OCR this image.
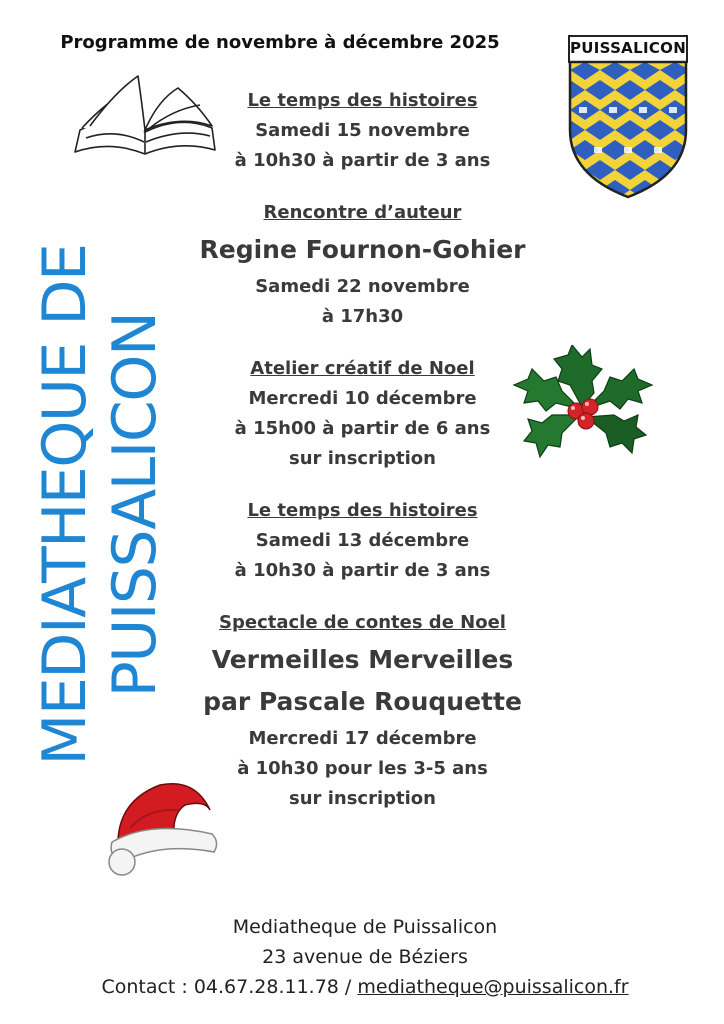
Programme de novembre à décembre 2025	PUISSALICON
MEDIATHEQUE DE PUISSALICON
Le temps des histoires
Samedi 15 novembre
à 10h30 à partir de 3 ans
Rencontre d’auteur
Regine Fournon-Gohier
Samedi 22 novembre
à 17h30
Atelier créatif de Noel
Mercredi 10 décembre
à 15h00 à partir de 6 ans
sur inscription
Le temps des histoires
Samedi 13 décembre
à 10h30 à partir de 3 ans
Spectacle de contes de Noel
Vermeilles Merveilles
par Pascale Rouquette
Mercredi 17 décembre
à 10h30 pour les 3-5 ans
sur inscription
Mediatheque de Puissalicon
23 avenue de Béziers
Contact : 04.67.28.11.78 / mediatheque@puissalicon.fr
